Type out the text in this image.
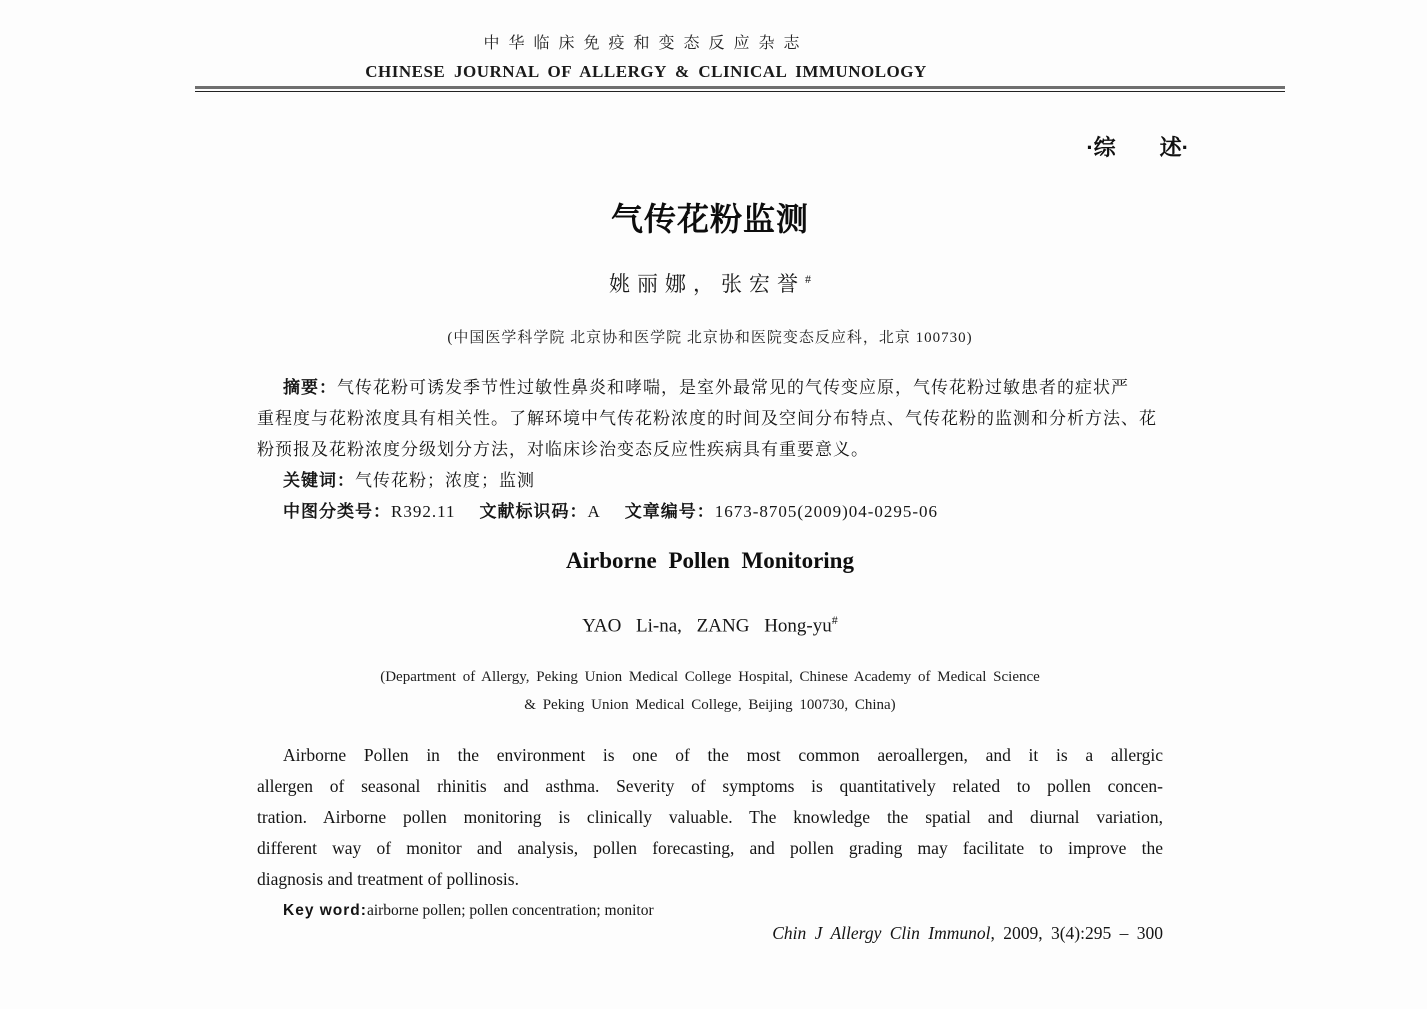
中华临床免疫和变态反应杂志
CHINESE JOURNAL OF ALLERGY & CLINICAL IMMUNOLOGY
·综　　述·
气传花粉监测
姚丽娜，张宏誉#
(中国医学科学院 北京协和医学院 北京协和医院变态反应科，北京 100730)
摘要：气传花粉可诱发季节性过敏性鼻炎和哮喘，是室外最常见的气传变应原，气传花粉过敏患者的症状严
重程度与花粉浓度具有相关性。了解环境中气传花粉浓度的时间及空间分布特点、气传花粉的监测和分析方法、花
粉预报及花粉浓度分级划分方法，对临床诊治变态反应性疾病具有重要意义。
关键词：气传花粉；浓度；监测
中图分类号：R392.11 文献标识码：A 文章编号：1673-8705(2009)04-0295-06
Airborne Pollen Monitoring
YAO Li-na, ZANG Hong-yu#
(Department of Allergy, Peking Union Medical College Hospital, Chinese Academy of Medical Science
& Peking Union Medical College, Beijing 100730, China)
Airborne Pollen in the environment is one of the most common aeroallergen, and it is a allergic
allergen of seasonal rhinitis and asthma. Severity of symptoms is quantitatively related to pollen concen-
tration. Airborne pollen monitoring is clinically valuable. The knowledge the spatial and diurnal variation,
different way of monitor and analysis, pollen forecasting, and pollen grading may facilitate to improve the
diagnosis and treatment of pollinosis.
Key word:airborne pollen; pollen concentration; monitor
Chin J Allergy Clin Immunol, 2009, 3(4):295 – 300
